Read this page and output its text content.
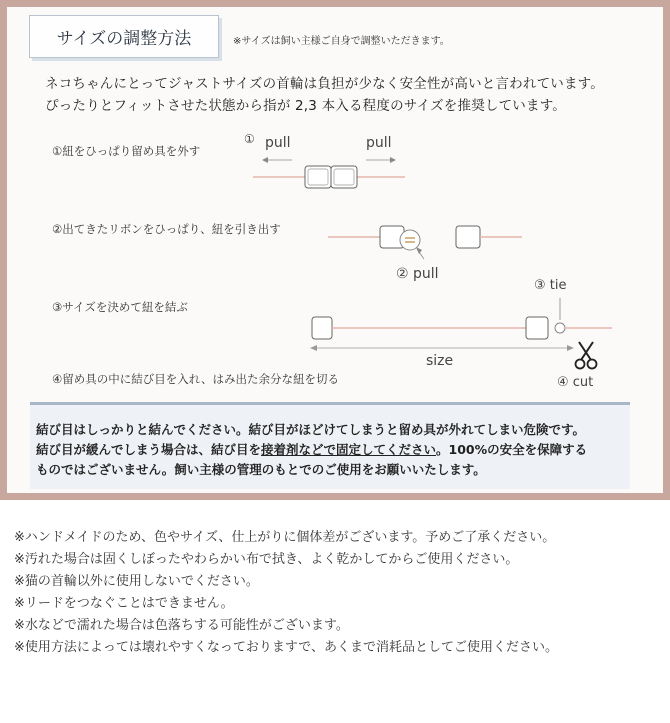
サイズの調整方法	※サイズは飼い主様ご自身で調整いただきます。
ネコちゃんにとってジャストサイズの首輪は負担が少なく安全性が高いと言われています。
ぴったりとフィットさせた状態から指が 2,3 本入る程度のサイズを推奨しています。
①紐をひっぱり留め具を外す
②出てきたリボンをひっぱり、紐を引き出す
③サイズを決めて紐を結ぶ
④留め具の中に結び目を入れ、はみ出た余分な紐を切る
① pull	pull
② pull
③ tie
size
④ cut
結び目はしっかりと結んでください。結び目がほどけてしまうと留め具が外れてしまい危険です。
結び目が緩んでしまう場合は、結び目を接着剤などで固定してください。100%の安全を保障する
ものではございません。飼い主様の管理のもとでのご使用をお願いいたします。
※ハンドメイドのため、色やサイズ、仕上がりに個体差がございます。予めご了承ください。
※汚れた場合は固くしぼったやわらかい布で拭き、よく乾かしてからご使用ください。
※猫の首輪以外に使用しないでください。
※リードをつなぐことはできません。
※水などで濡れた場合は色落ちする可能性がございます。
※使用方法によっては壊れやすくなっておりますで、あくまで消耗品としてご使用ください。
